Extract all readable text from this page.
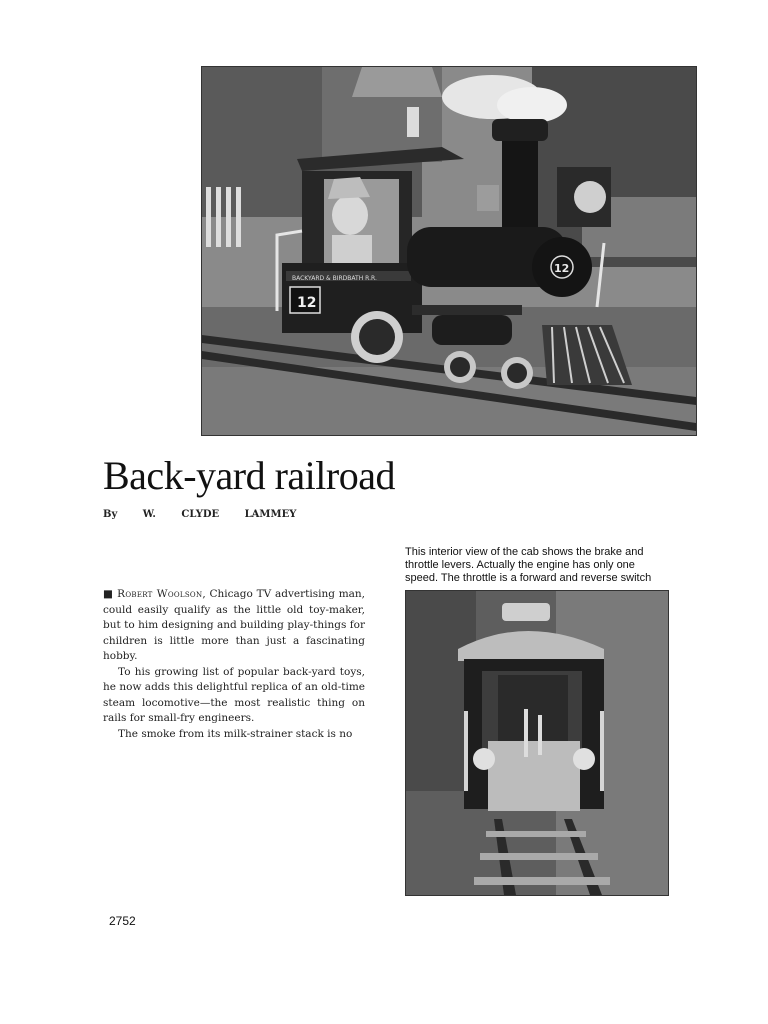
BACKYARD & BIRDBATH R.R.
12
12
Back-yard railroad
By W. CLYDE LAMMEY
This interior view of the cab shows the brake and throttle levers. Actually the engine has only one speed. The throttle is a forward and reverse switch

■ Robert Woolson, Chicago TV advertising man, could easily qualify as the little old toy-maker, but to him designing and building play-things for children is little more than just a fascinating hobby.

To his growing list of popular back-yard toys, he now adds this delightful replica of an old-time steam locomotive—the most realistic thing on rails for small-fry engineers.

The smoke from its milk-strainer stack is no

2752
